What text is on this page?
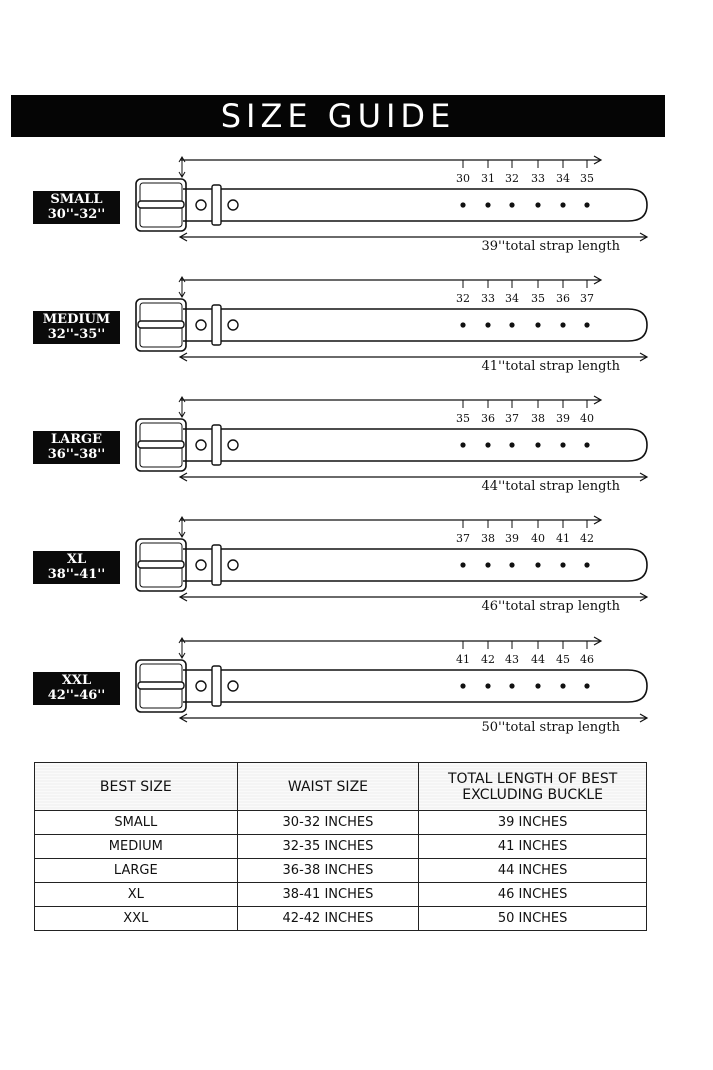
SIZE GUIDE
30 31 32 33 34 35
SMALL
30''-32''
39''total strap length
32 33 34 35 36 37
MEDIUM
32''-35''
41''total strap length
35 36 37 38 39 40
LARGE
36''-38''
44''total strap length
37 38 39 40 41 42
XL
38''-41''
46''total strap length
41 42 43 44 45 46
XXL
42''-46''
50''total strap length
BEST SIZE	WAIST SIZE	TOTAL LENGTH OF BEST EXCLUDING BUCKLE
SMALL	30-32 INCHES	39 INCHES
MEDIUM	32-35 INCHES	41 INCHES
LARGE	36-38 INCHES	44 INCHES
XL	38-41 INCHES	46 INCHES
XXL	42-42 INCHES	50 INCHES
